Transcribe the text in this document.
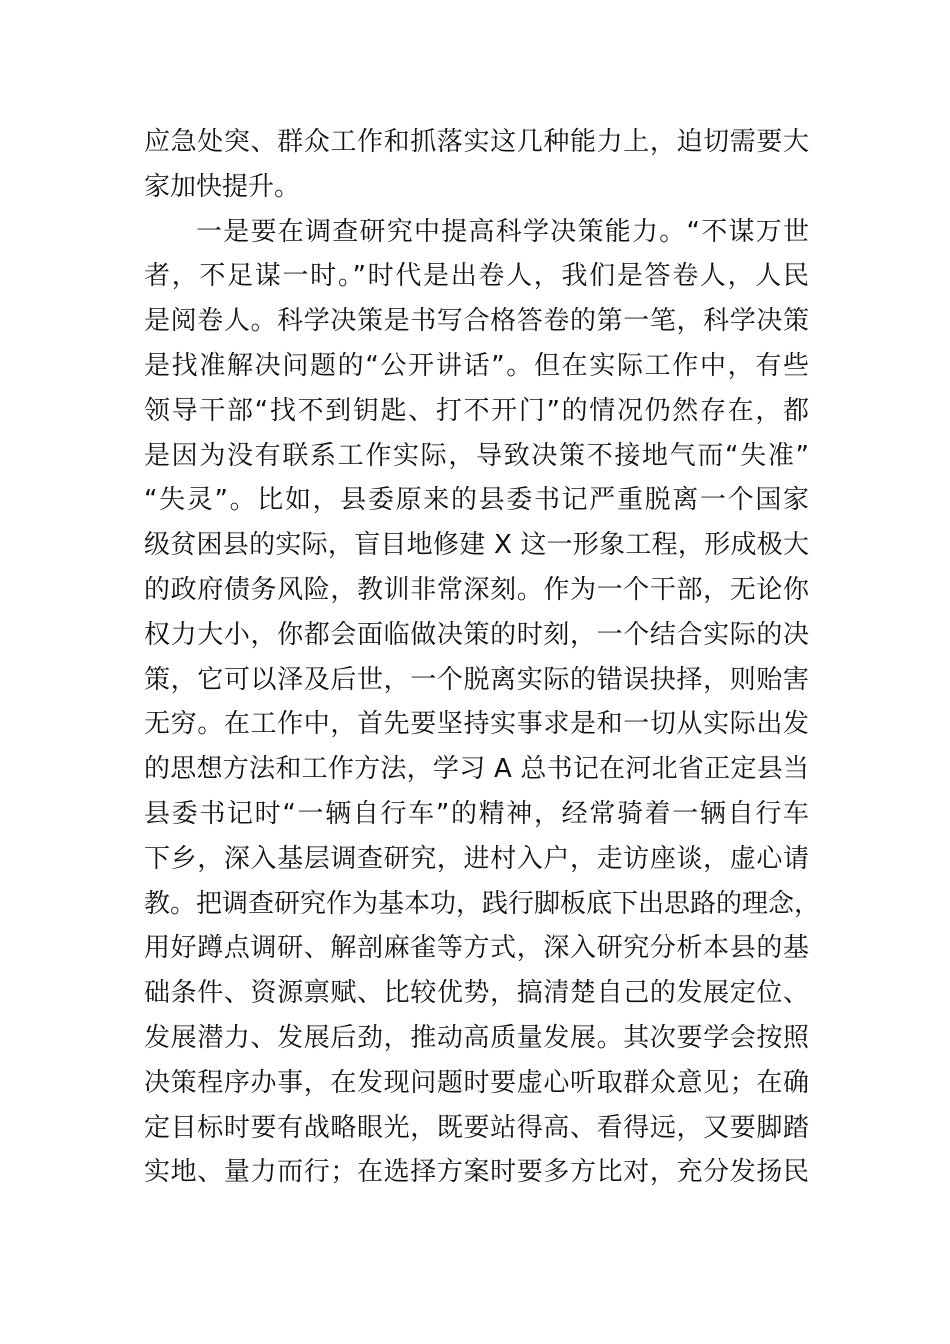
应急处突、群众工作和抓落实这几种能力上，迫切需要大
家加快提升。
一是要在调查研究中提高科学决策能力。“不谋万世
者，不足谋一时。”时代是出卷人，我们是答卷人，人民
是阅卷人。科学决策是书写合格答卷的第一笔，科学决策
是找准解决问题的“公开讲话”。但在实际工作中，有些
领导干部“找不到钥匙、打不开门”的情况仍然存在，都
是因为没有联系工作实际，导致决策不接地气而“失准”
“失灵”。比如，县委原来的县委书记严重脱离一个国家
级贫困县的实际，盲目地修建 X 这一形象工程，形成极大
的政府债务风险，教训非常深刻。作为一个干部，无论你
权力大小，你都会面临做决策的时刻，一个结合实际的决
策，它可以泽及后世，一个脱离实际的错误抉择，则贻害
无穷。在工作中，首先要坚持实事求是和一切从实际出发
的思想方法和工作方法，学习 A 总书记在河北省正定县当
县委书记时“一辆自行车”的精神，经常骑着一辆自行车
下乡，深入基层调查研究，进村入户，走访座谈，虚心请
教。把调查研究作为基本功，践行脚板底下出思路的理念，
用好蹲点调研、解剖麻雀等方式，深入研究分析本县的基
础条件、资源禀赋、比较优势，搞清楚自己的发展定位、
发展潜力、发展后劲，推动高质量发展。其次要学会按照
决策程序办事，在发现问题时要虚心听取群众意见；在确
定目标时要有战略眼光，既要站得高、看得远，又要脚踏
实地、量力而行；在选择方案时要多方比对，充分发扬民
